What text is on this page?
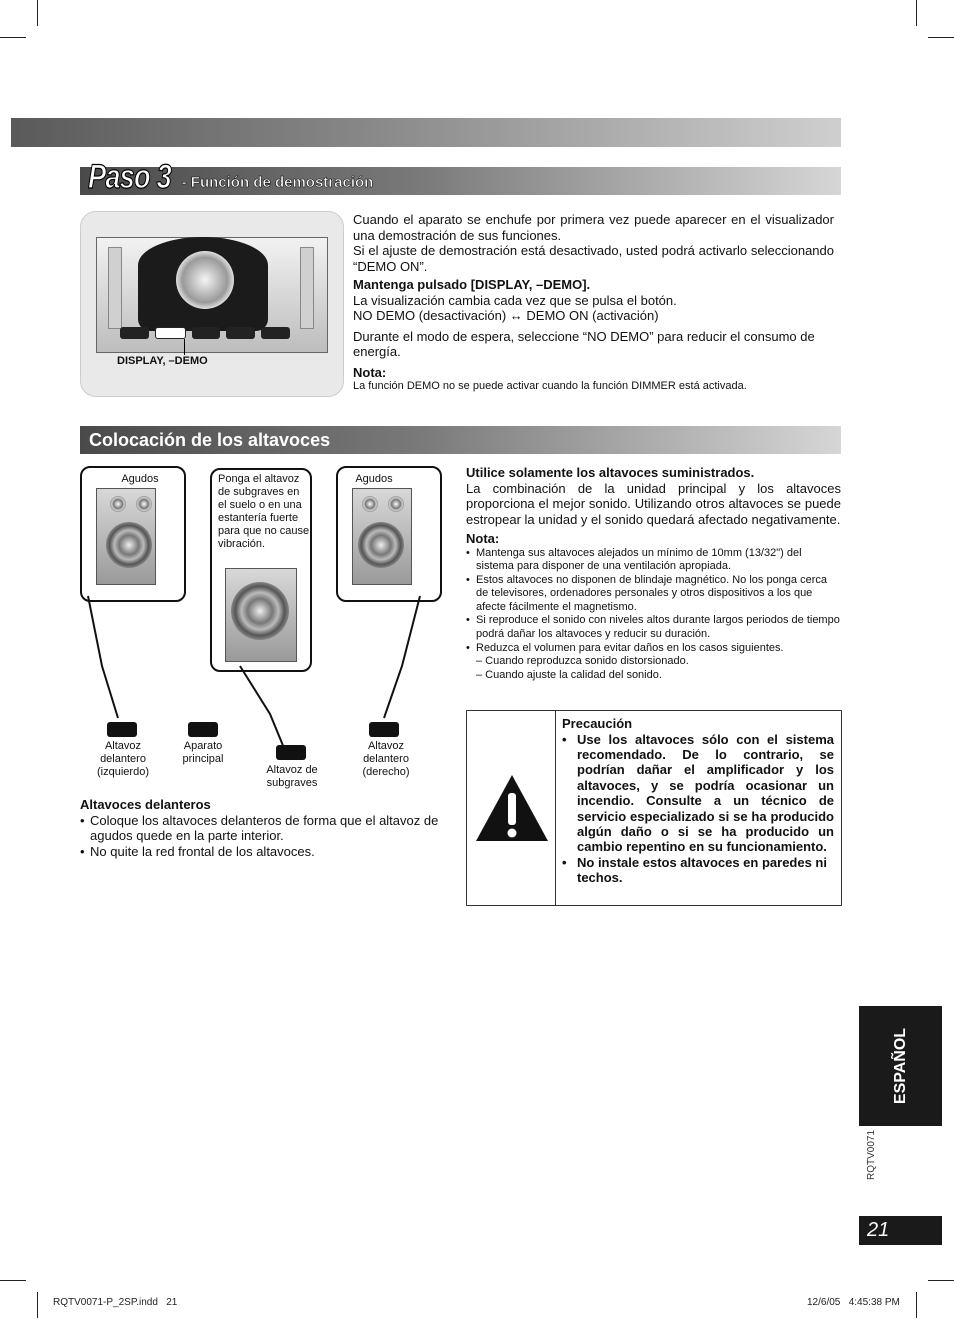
Paso 3 - Función de demostración
DISPLAY, –DEMO

Cuando el aparato se enchufe por primera vez puede aparecer en el visualizador una demostración de sus funciones.

Si el ajuste de demostración está desactivado, usted podrá activarlo seleccionando “DEMO ON”.

Mantenga pulsado [DISPLAY, –DEMO].

La visualización cambia cada vez que se pulsa el botón.

NO DEMO (desactivación) ↔ DEMO ON (activación)

Durante el modo de espera, seleccione “NO DEMO” para reducir el consumo de energía.

Nota:

La función DEMO no se puede activar cuando la función DIMMER está activada.

Colocación de los altavoces
Agudos	Ponga el altavoz de subgraves en el suelo o en una estantería fuerte para que no cause vibración.
Agudos
Altavoz delantero (izquierdo)
Aparato principal
Altavoz de subgraves
Altavoz delantero (derecho)

Altavoces delanteros

• Coloque los altavoces delanteros de forma que el altavoz de agudos quede en la parte interior.
• No quite la red frontal de los altavoces.

Utilice solamente los altavoces suministrados.

La combinación de la unidad principal y los altavoces proporciona el mejor sonido. Utilizando otros altavoces se puede estropear la unidad y el sonido quedará afectado negativamente.

Nota:

• Mantenga sus altavoces alejados un mínimo de 10mm (13/32") del sistema para disponer de una ventilación apropiada.
• Estos altavoces no disponen de blindaje magnético. No los ponga cerca de televisores, ordenadores personales y otros dispositivos a los que afecte fácilmente el magnetismo.
• Si reproduce el sonido con niveles altos durante largos periodos de tiempo podrá dañar los altavoces y reducir su duración.
• Reduzca el volumen para evitar daños en los casos siguientes.
– Cuando reproduzca sonido distorsionado.
– Cuando ajuste la calidad del sonido.

Precaución

• Use los altavoces sólo con el sistema recomendado. De lo contrario, se podrían dañar el amplificador y los altavoces, y se podría ocasionar un incendio. Consulte a un técnico de servicio especializado si se ha producido algún daño o si se ha producido un cambio repentino en su funcionamiento.
• No instale estos altavoces en paredes ni techos.
ESPAÑOL
RQTV0071
21
RQTV0071-P_2SP.indd   21	12/6/05   4:45:38 PM
